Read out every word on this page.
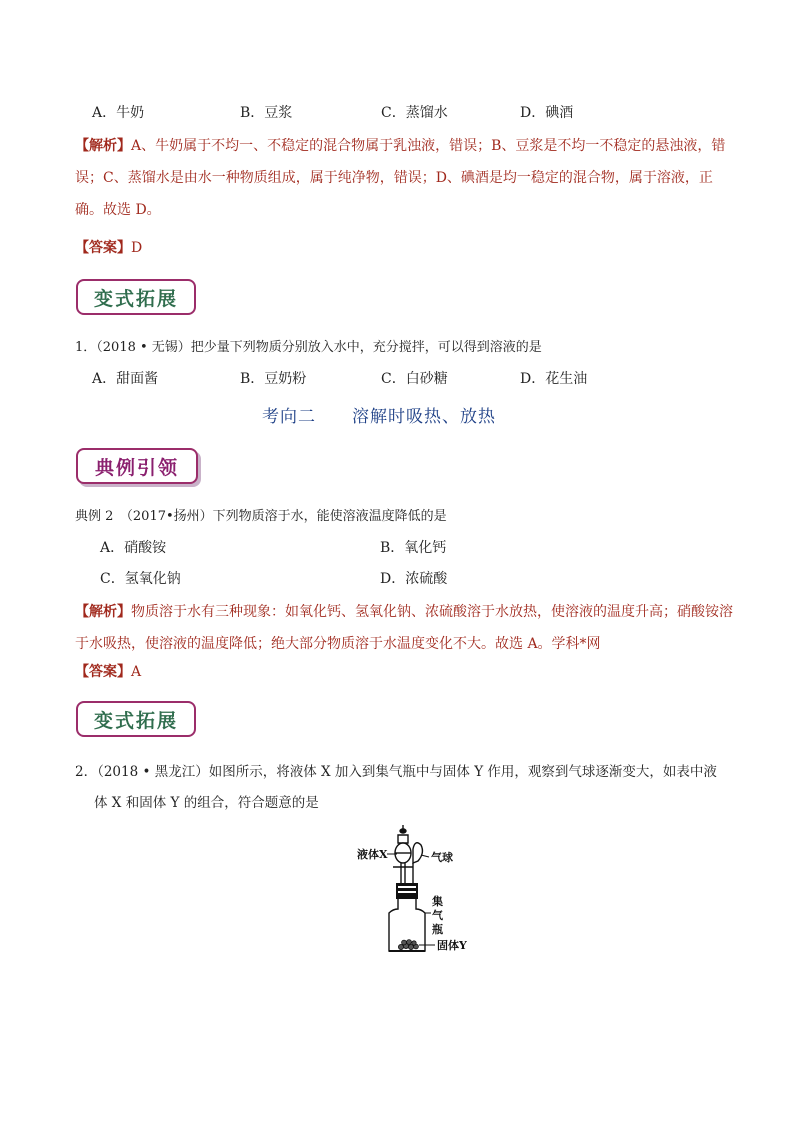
A．牛奶	B．豆浆	C．蒸馏水	D．碘酒
【解析】A、牛奶属于不均一、不稳定的混合物属于乳浊液，错误；B、豆浆是不均一不稳定的悬浊液，错误；C、蒸馏水是由水一种物质组成，属于纯净物，错误；D、碘酒是均一稳定的混合物，属于溶液，正确。故选 D。
【答案】D
变式拓展
1．（2018 • 无锡）把少量下列物质分别放入水中，充分搅拌，可以得到溶液的是
A．甜面酱	B．豆奶粉	C．白砂糖	D．花生油
考向二　　溶解时吸热、放热
典例引领
典例 2　（2017•扬州）下列物质溶于水，能使溶液温度降低的是
A．硝酸铵	B．氧化钙
C．氢氧化钠	D．浓硫酸
【解析】物质溶于水有三种现象：如氧化钙、氢氧化钠、浓硫酸溶于水放热，使溶液的温度升高；硝酸铵溶于水吸热，使溶液的温度降低；绝大部分物质溶于水温度变化不大。故选 A。学科*网
【答案】A
变式拓展
2．（2018 • 黑龙江）如图所示，将液体 X 加入到集气瓶中与固体 Y 作用，观察到气球逐渐变大，如表中液
体 X 和固体 Y 的组合，符合题意的是
液体X	气球
集
气
瓶
固体Y
